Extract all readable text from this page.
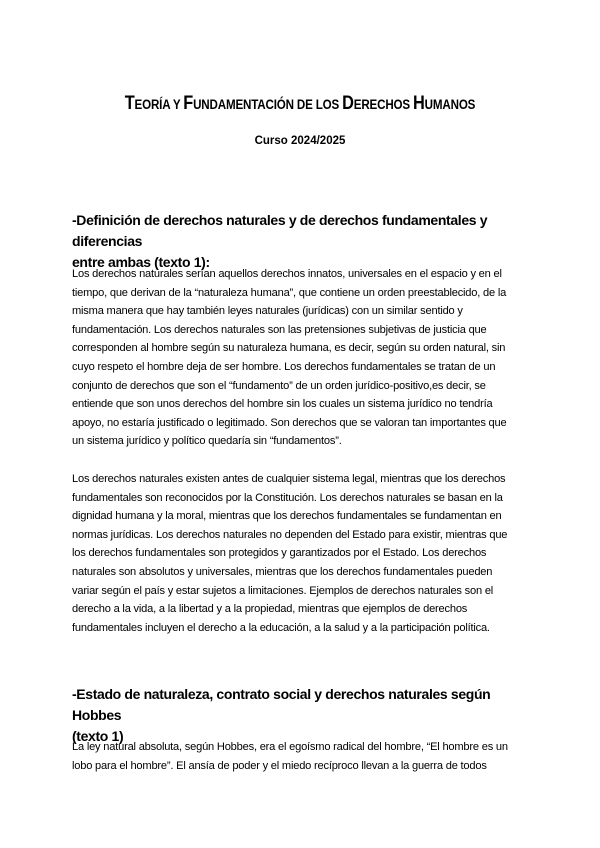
TEORÍA Y FUNDAMENTACIÓN DE LOS DERECHOS HUMANOS

Curso 2024/2025

-Definición de derechos naturales y de derechos fundamentales y diferencias
entre ambas (texto 1):

Los derechos naturales serían aquellos derechos innatos, universales en el espacio y en el
tiempo, que derivan de la “naturaleza humana”, que contiene un orden preestablecido, de la
misma manera que hay también leyes naturales (jurídicas) con un similar sentido y
fundamentación. Los derechos naturales son las pretensiones subjetivas de justicia que
corresponden al hombre según su naturaleza humana, es decir, según su orden natural, sin
cuyo respeto el hombre deja de ser hombre. Los derechos fundamentales se tratan de un
conjunto de derechos que son el “fundamento” de un orden jurídico-positivo,es decir, se
entiende que son unos derechos del hombre sin los cuales un sistema jurídico no tendría
apoyo, no estaría justificado o legitimado. Son derechos que se valoran tan importantes que
un sistema jurídico y político quedaría sin “fundamentos”.

Los derechos naturales existen antes de cualquier sistema legal, mientras que los derechos
fundamentales son reconocidos por la Constitución. Los derechos naturales se basan en la
dignidad humana y la moral, mientras que los derechos fundamentales se fundamentan en
normas jurídicas. Los derechos naturales no dependen del Estado para existir, mientras que
los derechos fundamentales son protegidos y garantizados por el Estado. Los derechos
naturales son absolutos y universales, mientras que los derechos fundamentales pueden
variar según el país y estar sujetos a limitaciones. Ejemplos de derechos naturales son el
derecho a la vida, a la libertad y a la propiedad, mientras que ejemplos de derechos
fundamentales incluyen el derecho a la educación, a la salud y a la participación política.

-Estado de naturaleza, contrato social y derechos naturales según Hobbes
(texto 1)

La ley natural absoluta, según Hobbes, era el egoísmo radical del hombre, “El hombre es un
lobo para el hombre”. El ansía de poder y el miedo recíproco llevan a la guerra de todos
